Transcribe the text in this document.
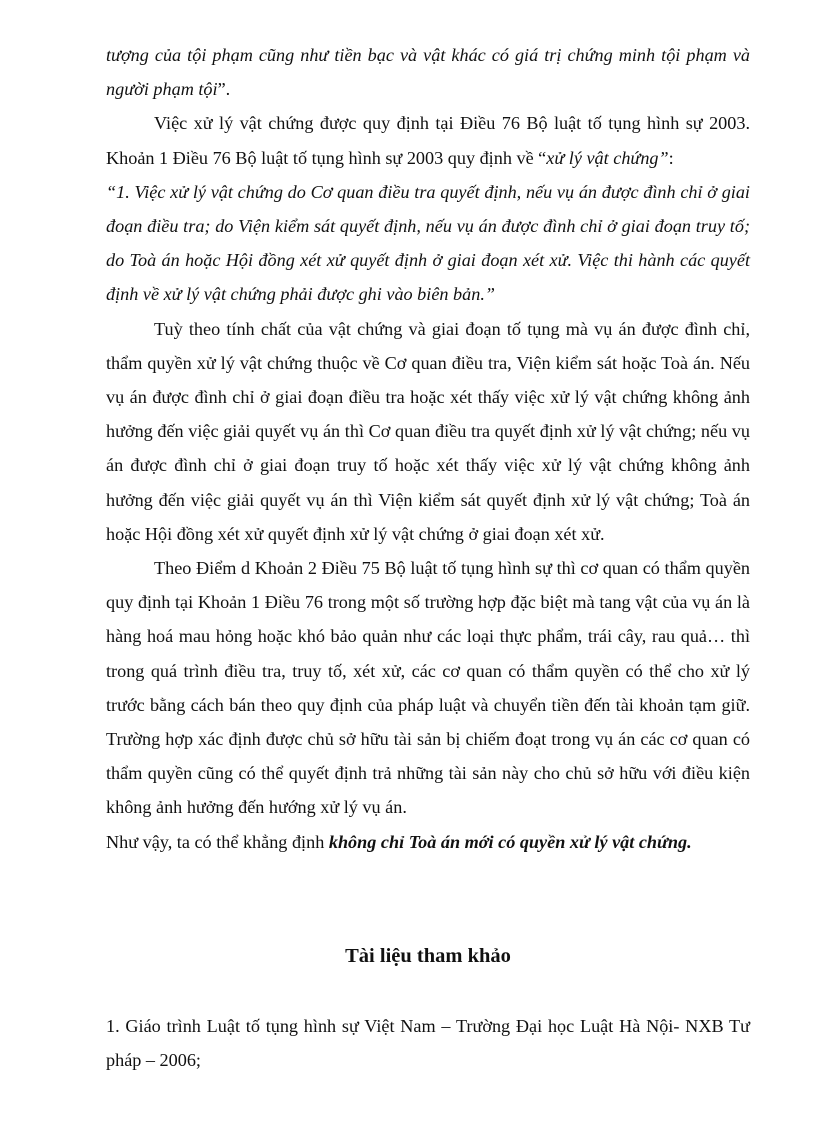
tượng của tội phạm cũng như tiền bạc và vật khác có giá trị chứng minh tội phạm và người phạm tội”.

Việc xử lý vật chứng được quy định tại Điều 76 Bộ luật tố tụng hình sự 2003. Khoản 1 Điều 76 Bộ luật tố tụng hình sự 2003 quy định về “xử lý vật chứng”:

“1. Việc xử lý vật chứng do Cơ quan điều tra quyết định, nếu vụ án được đình chỉ ở giai đoạn điều tra; do Viện kiểm sát quyết định, nếu vụ án được đình chỉ ở giai đoạn truy tố; do Toà án hoặc Hội đồng xét xử quyết định ở giai đoạn xét xử. Việc thi hành các quyết định về xử lý vật chứng phải được ghi vào biên bản.”

Tuỳ theo tính chất của vật chứng và giai đoạn tố tụng mà vụ án được đình chỉ, thẩm quyền xử lý vật chứng thuộc về Cơ quan điều tra, Viện kiểm sát hoặc Toà án. Nếu vụ án được đình chỉ ở giai đoạn điều tra hoặc xét thấy việc xử lý vật chứng không ảnh hưởng đến việc giải quyết vụ án thì Cơ quan điều tra quyết định xử lý vật chứng; nếu vụ án được đình chỉ ở giai đoạn truy tố hoặc xét thấy việc xử lý vật chứng không ảnh hưởng đến việc giải quyết vụ án thì Viện kiểm sát quyết định xử lý vật chứng; Toà án hoặc Hội đồng xét xử quyết định xử lý vật chứng ở giai đoạn xét xử.

Theo Điểm d Khoản 2 Điều 75 Bộ luật tố tụng hình sự thì cơ quan có thẩm quyền quy định tại Khoản 1 Điều 76 trong một số trường hợp đặc biệt mà tang vật của vụ án là hàng hoá mau hỏng hoặc khó bảo quản như các loại thực phẩm, trái cây, rau quả… thì trong quá trình điều tra, truy tố, xét xử, các cơ quan có thẩm quyền có thể cho xử lý trước bằng cách bán theo quy định của pháp luật và chuyển tiền đến tài khoản tạm giữ. Trường hợp xác định được chủ sở hữu tài sản bị chiếm đoạt trong vụ án các cơ quan có thẩm quyền cũng có thể quyết định trả những tài sản này cho chủ sở hữu với điều kiện không ảnh hưởng đến hướng xử lý vụ án.

Như vậy, ta có thể khẳng định không chỉ Toà án mới có quyền xử lý vật chứng.

Tài liệu tham khảo

1. Giáo trình Luật tố tụng hình sự Việt Nam – Trường Đại học Luật Hà Nội- NXB Tư pháp – 2006;
